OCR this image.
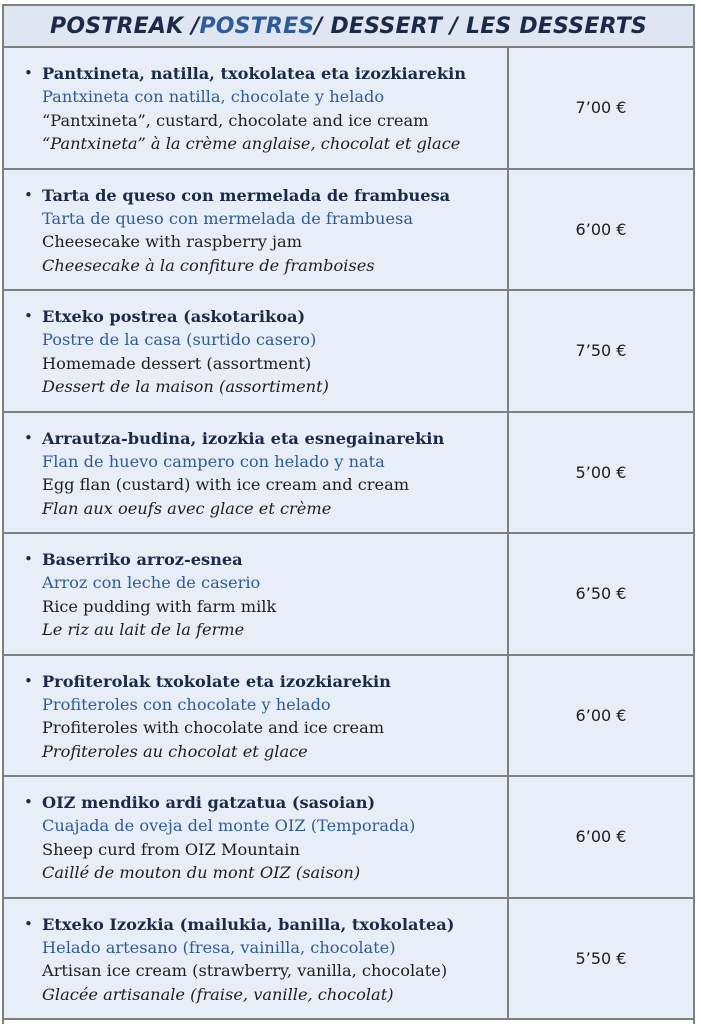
POSTREAK / POSTRES / DESSERT / LES DESSERTS
• Pantxineta, natilla, txokolatea eta izozkiarekin
Pantxineta con natilla, chocolate y helado
“Pantxineta”, custard, chocolate and ice cream
“Pantxineta” à la crème anglaise, chocolat et glace
7’00 €
• Tarta de queso con mermelada de frambuesa
Tarta de queso con mermelada de frambuesa
Cheesecake with raspberry jam
Cheesecake à la confiture de framboises
6’00 €
• Etxeko postrea (askotarikoa)
Postre de la casa (surtido casero)
Homemade dessert (assortment)
Dessert de la maison (assortiment)
7’50 €
• Arrautza-budina, izozkia eta esnegainarekin
Flan de huevo campero con helado y nata
Egg flan (custard) with ice cream and cream
Flan aux oeufs avec glace et crème
5’00 €
• Baserriko arroz-esnea
Arroz con leche de caserio
Rice pudding with farm milk
Le riz au lait de la ferme
6’50 €
• Profiterolak txokolate eta izozkiarekin
Profiteroles con chocolate y helado
Profiteroles with chocolate and ice cream
Profiteroles au chocolat et glace
6’00 €
• OIZ mendiko ardi gatzatua (sasoian)
Cuajada de oveja del monte OIZ (Temporada)
Sheep curd from OIZ Mountain
Caillé de mouton du mont OIZ (saison)
6’00 €
• Etxeko Izozkia (mailukia, banilla, txokolatea)
Helado artesano (fresa, vainilla, chocolate)
Artisan ice cream (strawberry, vanilla, chocolate)
Glacée artisanale (fraise, vanille, chocolat)
5’50 €
